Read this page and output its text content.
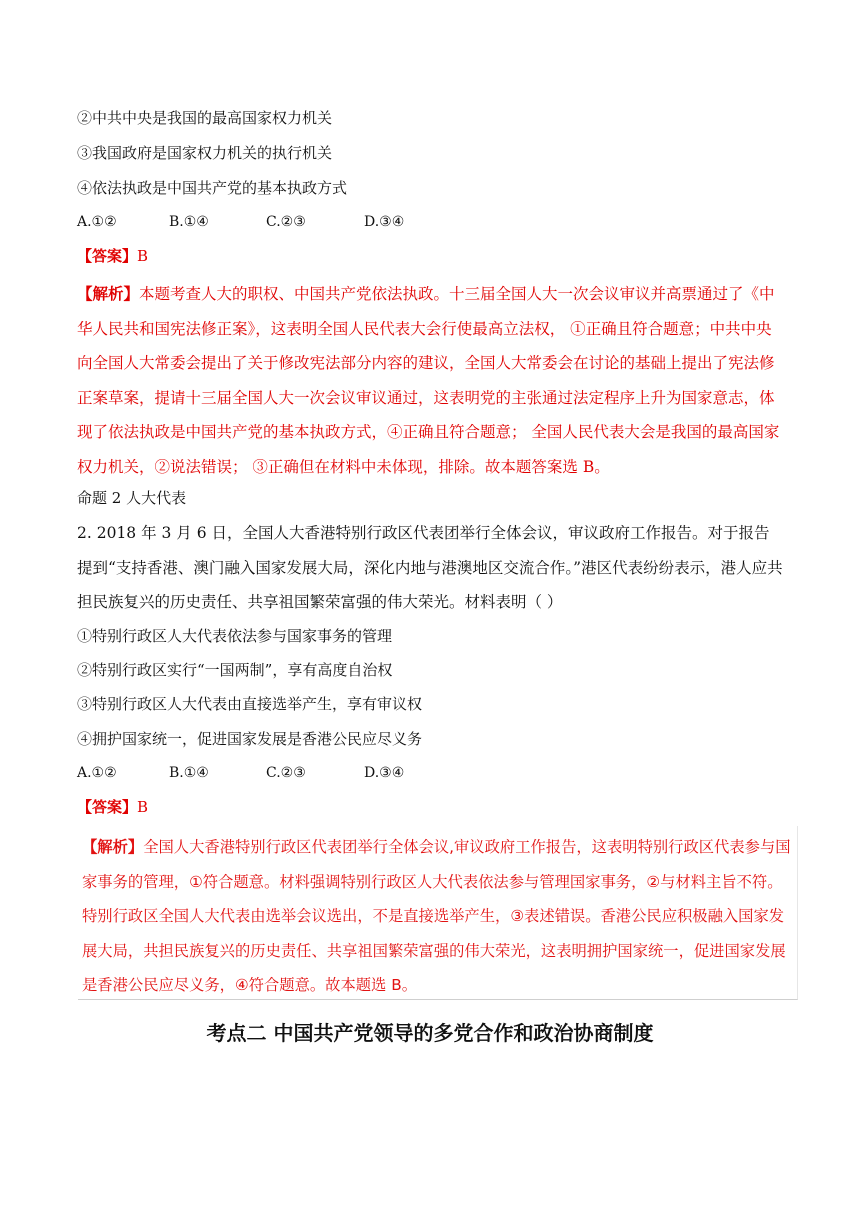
②中共中央是我国的最高国家权力机关
③我国政府是国家权力机关的执行机关
④依法执政是中国共产党的基本执政方式
A.①②	B.①④	C.②③	D.③④
【答案】B
【解析】本题考查人大的职权、中国共产党依法执政。十三届全国人大一次会议审议并高票通过了《中华人民共和国宪法修正案》，这表明全国人民代表大会行使最高立法权， ①正确且符合题意；中共中央向全国人大常委会提出了关于修改宪法部分内容的建议，全国人大常委会在讨论的基础上提出了宪法修正案草案，提请十三届全国人大一次会议审议通过，这表明党的主张通过法定程序上升为国家意志，体现了依法执政是中国共产党的基本执政方式，④正确且符合题意； 全国人民代表大会是我国的最高国家权力机关，②说法错误； ③正确但在材料中未体现，排除。故本题答案选 B。
命题 2 人大代表
2. 2018 年 3 月 6 日，全国人大香港特别行政区代表团举行全体会议，审议政府工作报告。对于报告提到“支持香港、澳门融入国家发展大局，深化内地与港澳地区交流合作。”港区代表纷纷表示，港人应共担民族复兴的历史责任、共享祖国繁荣富强的伟大荣光。材料表明（ ）
①特别行政区人大代表依法参与国家事务的管理
②特别行政区实行“一国两制”，享有高度自治权
③特别行政区人大代表由直接选举产生，享有审议权
④拥护国家统一，促进国家发展是香港公民应尽义务
A.①②	B.①④	C.②③	D.③④
【答案】B
【解析】全国人大香港特别行政区代表团举行全体会议,审议政府工作报告，这表明特别行政区代表参与国家事务的管理，①符合题意。材料强调特别行政区人大代表依法参与管理国家事务，②与材料主旨不符。特别行政区全国人大代表由选举会议选出，不是直接选举产生，③表述错误。香港公民应积极融入国家发展大局，共担民族复兴的历史责任、共享祖国繁荣富强的伟大荣光，这表明拥护国家统一，促进国家发展是香港公民应尽义务，④符合题意。故本题选 B。
考点二 中国共产党领导的多党合作和政治协商制度
